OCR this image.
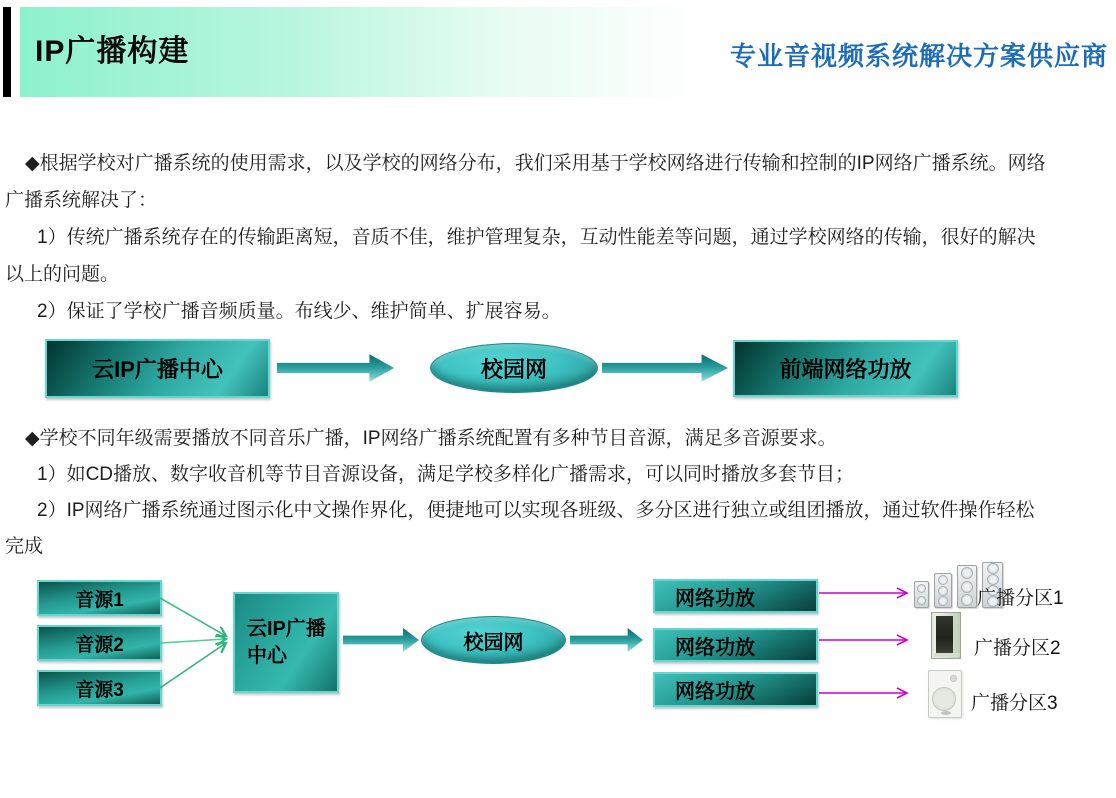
IP广播构建	专业音视频系统解决方案供应商
◆根据学校对广播系统的使用需求，以及学校的网络分布，我们采用基于学校网络进行传输和控制的IP网络广播系统。网络
广播系统解决了：
1）传统广播系统存在的传输距离短，音质不佳，维护管理复杂，互动性能差等问题，通过学校网络的传输，很好的解决
以上的问题。
2）保证了学校广播音频质量。布线少、维护简单、扩展容易。
云IP广播中心	校园网	前端网络功放
◆学校不同年级需要播放不同音乐广播，IP网络广播系统配置有多种节目音源，满足多音源要求。
1）如CD播放、数字收音机等节目音源设备，满足学校多样化广播需求，可以同时播放多套节目；
2）IP网络广播系统通过图示化中文操作界化，便捷地可以实现各班级、多分区进行独立或组团播放，通过软件操作轻松
完成
音源1
音源2
音源3
云IP广播中心
校园网
网络功放
网络功放
网络功放
广播分区1
广播分区2
广播分区3
